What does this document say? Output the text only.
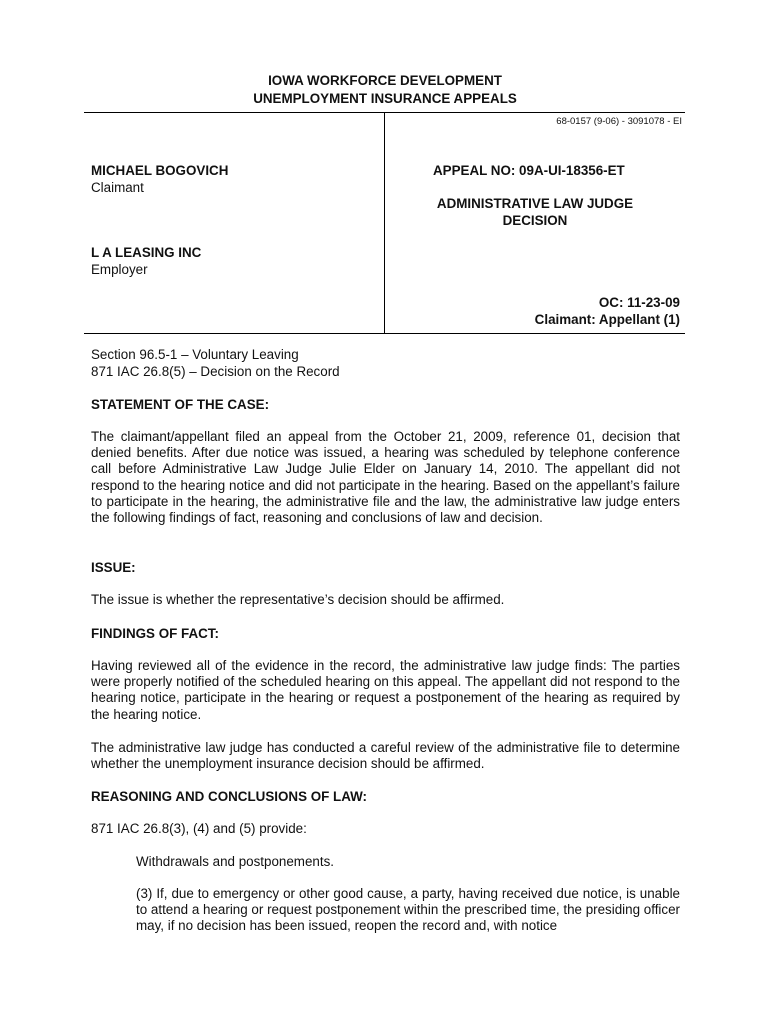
IOWA WORKFORCE DEVELOPMENT
UNEMPLOYMENT INSURANCE APPEALS
68-0157 (9-06) - 3091078 - EI
MICHAEL BOGOVICH
Claimant
L A LEASING INC
Employer
APPEAL NO: 09A-UI-18356-ET
ADMINISTRATIVE LAW JUDGE
DECISION
OC: 11-23-09
Claimant: Appellant (1)
Section 96.5-1 – Voluntary Leaving
871 IAC 26.8(5) – Decision on the Record
STATEMENT OF THE CASE:

The claimant/appellant filed an appeal from the October 21, 2009, reference 01, decision that denied benefits. After due notice was issued, a hearing was scheduled by telephone conference call before Administrative Law Judge Julie Elder on January 14, 2010. The appellant did not respond to the hearing notice and did not participate in the hearing. Based on the appellant’s failure to participate in the hearing, the administrative file and the law, the administrative law judge enters the following findings of fact, reasoning and conclusions of law and decision.

ISSUE:

The issue is whether the representative’s decision should be affirmed.

FINDINGS OF FACT:

Having reviewed all of the evidence in the record, the administrative law judge finds: The parties were properly notified of the scheduled hearing on this appeal. The appellant did not respond to the hearing notice, participate in the hearing or request a postponement of the hearing as required by the hearing notice.

The administrative law judge has conducted a careful review of the administrative file to determine whether the unemployment insurance decision should be affirmed.

REASONING AND CONCLUSIONS OF LAW:
871 IAC 26.8(3), (4) and (5) provide:
Withdrawals and postponements.

(3) If, due to emergency or other good cause, a party, having received due notice, is unable to attend a hearing or request postponement within the prescribed time, the presiding officer may, if no decision has been issued, reopen the record and, with notice
